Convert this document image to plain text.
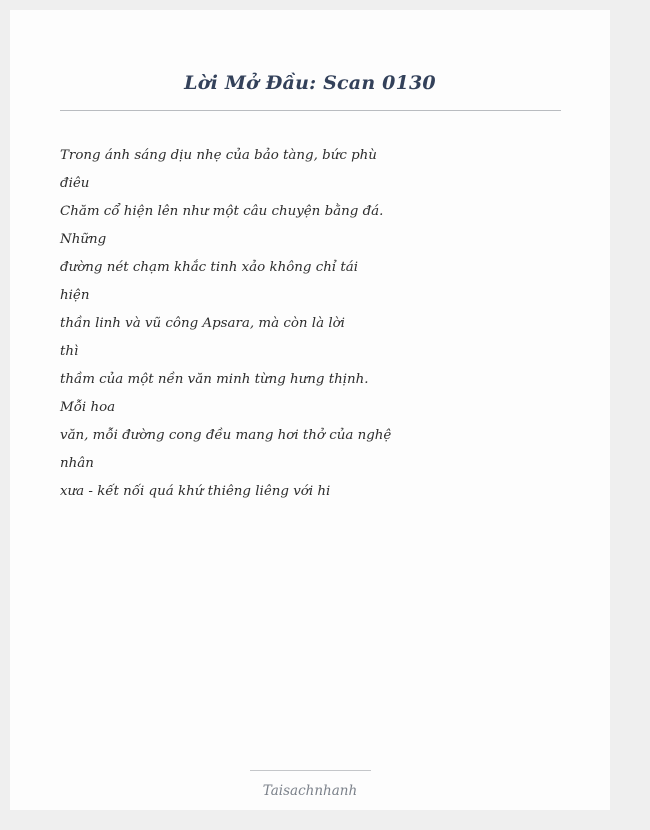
Lời Mở Đầu: Scan 0130
Trong ánh sáng dịu nhẹ của bảo tàng, bức phù
điêu
Chăm cổ hiện lên như một câu chuyện bằng đá.
Những
đường nét chạm khắc tinh xảo không chỉ tái
hiện
thần linh và vũ công Apsara, mà còn là lời
thì
thầm của một nền văn minh từng hưng thịnh.
Mỗi hoa
văn, mỗi đường cong đều mang hơi thở của nghệ
nhân
xưa - kết nối quá khứ thiêng liêng với hi
Taisachnhanh
